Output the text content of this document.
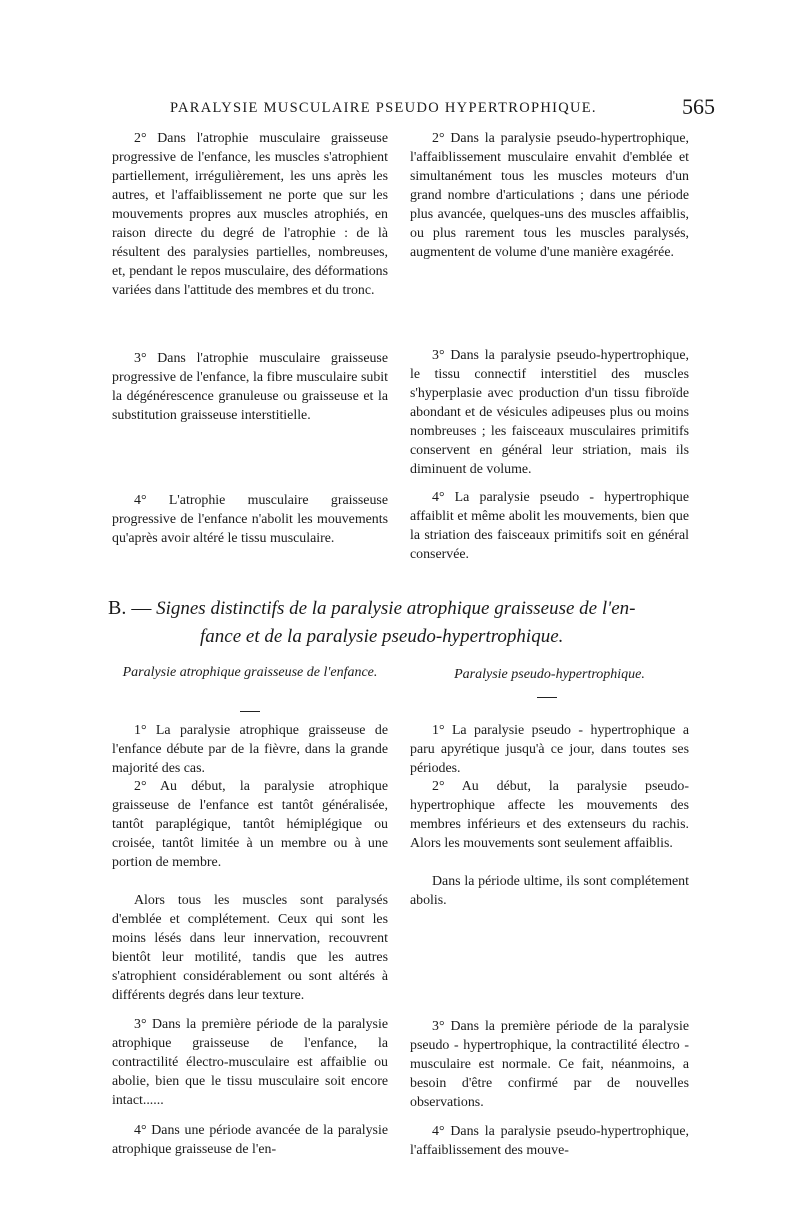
PARALYSIE MUSCULAIRE PSEUDO HYPERTROPHIQUE.	565
2° Dans l'atrophie musculaire graisseuse progressive de l'enfance, les muscles s'atrophient partiellement, irrégulièrement, les uns après les autres, et l'affaiblissement ne porte que sur les mouvements propres aux muscles atrophiés, en raison directe du degré de l'atrophie : de là résultent des paralysies partielles, nombreuses, et, pendant le repos musculaire, des déformations variées dans l'attitude des membres et du tronc.
2° Dans la paralysie pseudo-hypertrophique, l'affaiblissement musculaire envahit d'emblée et simultanément tous les muscles moteurs d'un grand nombre d'articulations ; dans une période plus avancée, quelques-uns des muscles affaiblis, ou plus rarement tous les muscles paralysés, augmentent de volume d'une manière exagérée.
3° Dans l'atrophie musculaire graisseuse progressive de l'enfance, la fibre musculaire subit la dégénérescence granuleuse ou graisseuse et la substitution graisseuse interstitielle.
3° Dans la paralysie pseudo-hypertrophique, le tissu connectif interstitiel des muscles s'hyperplasie avec production d'un tissu fibroïde abondant et de vésicules adipeuses plus ou moins nombreuses ; les faisceaux musculaires primitifs conservent en général leur striation, mais ils diminuent de volume.
4° L'atrophie musculaire graisseuse progressive de l'enfance n'abolit les mouvements qu'après avoir altéré le tissu musculaire.
4° La paralysie pseudo - hypertrophique affaiblit et même abolit les mouvements, bien que la striation des faisceaux primitifs soit en général conservée.
B. — Signes distinctifs de la paralysie atrophique graisseuse de l'en-
fance et de la paralysie pseudo-hypertrophique.
Paralysie atrophique graisseuse de l'enfance.	Paralysie pseudo-hypertrophique.
1° La paralysie atrophique graisseuse de l'enfance débute par de la fièvre, dans la grande majorité des cas.
1° La paralysie pseudo - hypertrophique a paru apyrétique jusqu'à ce jour, dans toutes ses périodes.
2° Au début, la paralysie atrophique graisseuse de l'enfance est tantôt généralisée, tantôt paraplégique, tantôt hémiplégique ou croisée, tantôt limitée à un membre ou à une portion de membre.
2° Au début, la paralysie pseudo-hypertrophique affecte les mouvements des membres inférieurs et des extenseurs du rachis. Alors les mouvements sont seulement affaiblis.
Alors tous les muscles sont paralysés d'emblée et complétement. Ceux qui sont les moins lésés dans leur innervation, recouvrent bientôt leur motilité, tandis que les autres s'atrophient considérablement ou sont altérés à différents degrés dans leur texture.
Dans la période ultime, ils sont complétement abolis.
3° Dans la première période de la paralysie atrophique graisseuse de l'enfance, la contractilité électro-musculaire est affaiblie ou abolie, bien que le tissu musculaire soit encore intact......
3° Dans la première période de la paralysie pseudo - hypertrophique, la contractilité électro - musculaire est normale. Ce fait, néanmoins, a besoin d'être confirmé par de nouvelles observations.
4° Dans une période avancée de la paralysie atrophique graisseuse de l'en-
4° Dans la paralysie pseudo-hypertrophique, l'affaiblissement des mouve-
